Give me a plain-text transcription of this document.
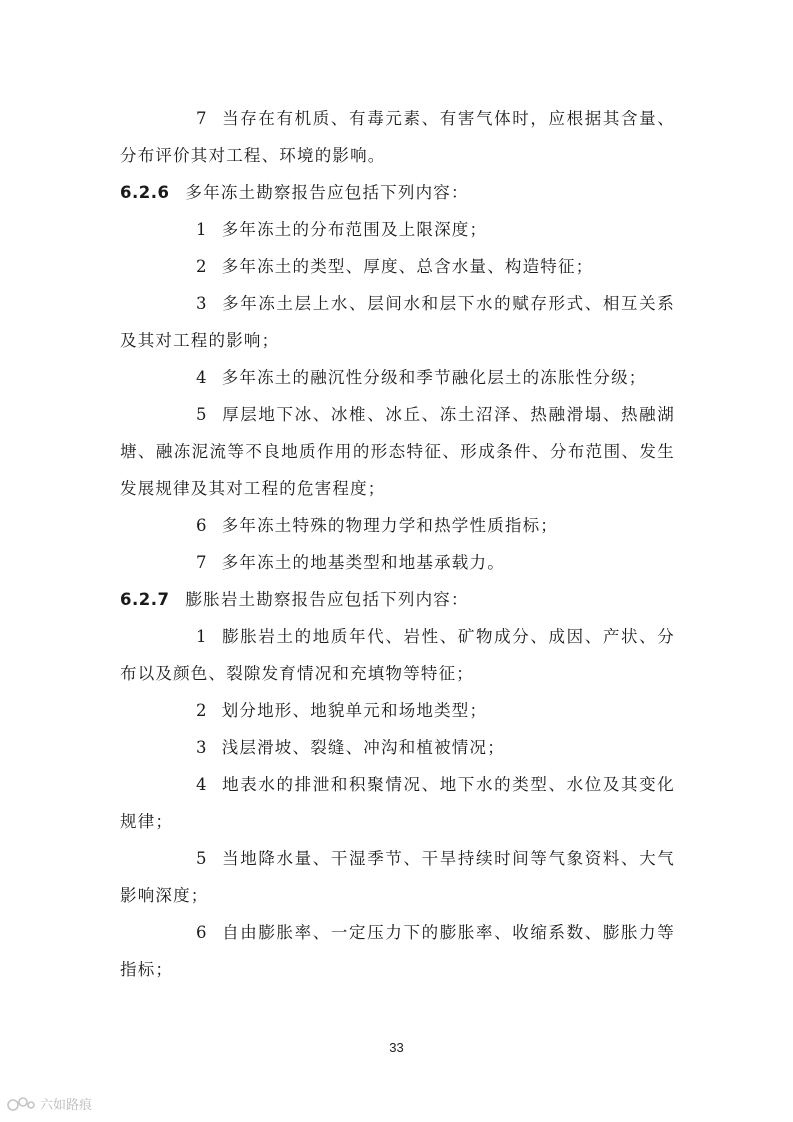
7 当存在有机质、有毒元素、有害气体时，应根据其含量、分布评价其对工程、环境的影响。

6.2.6 多年冻土勘察报告应包括下列内容：

1 多年冻土的分布范围及上限深度；

2 多年冻土的类型、厚度、总含水量、构造特征；

3 多年冻土层上水、层间水和层下水的赋存形式、相互关系及其对工程的影响；

4 多年冻土的融沉性分级和季节融化层土的冻胀性分级；

5 厚层地下冰、冰椎、冰丘、冻土沼泽、热融滑塌、热融湖塘、融冻泥流等不良地质作用的形态特征、形成条件、分布范围、发生发展规律及其对工程的危害程度；

6 多年冻土特殊的物理力学和热学性质指标；

7 多年冻土的地基类型和地基承载力。

6.2.7 膨胀岩土勘察报告应包括下列内容：

1 膨胀岩土的地质年代、岩性、矿物成分、成因、产状、分布以及颜色、裂隙发育情况和充填物等特征；

2 划分地形、地貌单元和场地类型；

3 浅层滑坡、裂缝、冲沟和植被情况；

4 地表水的排泄和积聚情况、地下水的类型、水位及其变化规律；

5 当地降水量、干湿季节、干旱持续时间等气象资料、大气影响深度；

6 自由膨胀率、一定压力下的膨胀率、收缩系数、膨胀力等指标；

33
六如路痕
